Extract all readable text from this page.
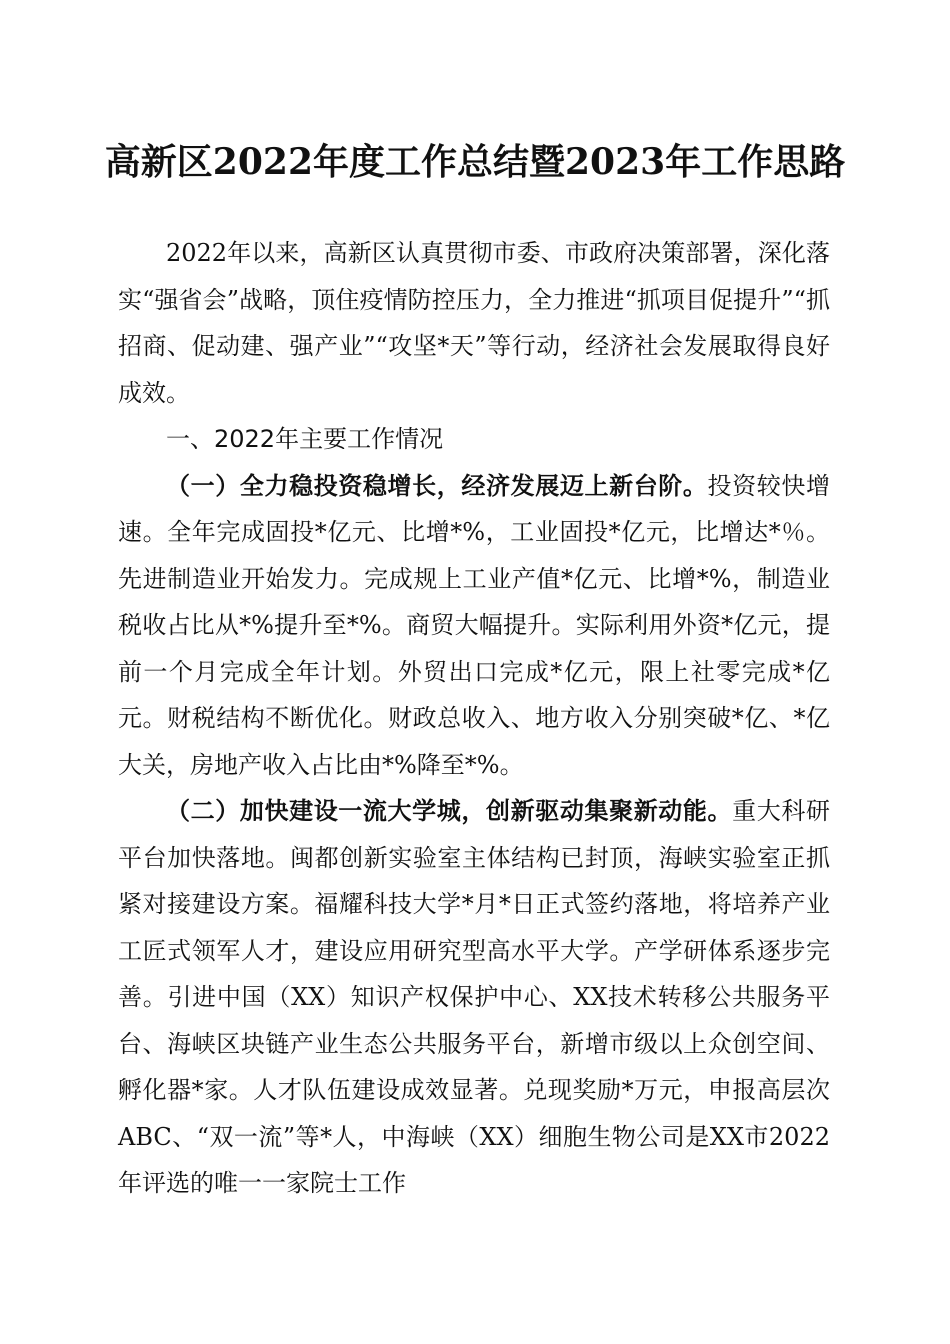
高新区2022年度工作总结暨2023年工作思路

2022年以来，高新区认真贯彻市委、市政府决策部署，深化落实“强省会”战略，顶住疫情防控压力，全力推进“抓项目促提升”“抓招商、促动建、强产业”“攻坚*天”等行动，经济社会发展取得良好成效。

一、2022年主要工作情况

（一）全力稳投资稳增长，经济发展迈上新台阶。投资较快增速。全年完成固投*亿元、比增*%，工业固投*亿元，比增达*％。先进制造业开始发力。完成规上工业产值*亿元、比增*%，制造业税收占比从*%提升至*%。商贸大幅提升。实际利用外资*亿元，提前一个月完成全年计划。外贸出口完成*亿元，限上社零完成*亿元。财税结构不断优化。财政总收入、地方收入分别突破*亿、*亿大关，房地产收入占比由*%降至*%。

（二）加快建设一流大学城，创新驱动集聚新动能。重大科研平台加快落地。闽都创新实验室主体结构已封顶，海峡实验室正抓紧对接建设方案。福耀科技大学*月*日正式签约落地，将培养产业工匠式领军人才，建设应用研究型高水平大学。产学研体系逐步完善。引进中国（XX）知识产权保护中心、XX技术转移公共服务平台、海峡区块链产业生态公共服务平台，新增市级以上众创空间、孵化器*家。人才队伍建设成效显著。兑现奖励*万元，申报高层次ABC、“双一流”等*人，中海峡（XX）细胞生物公司是XX市2022年评选的唯一一家院士工作
